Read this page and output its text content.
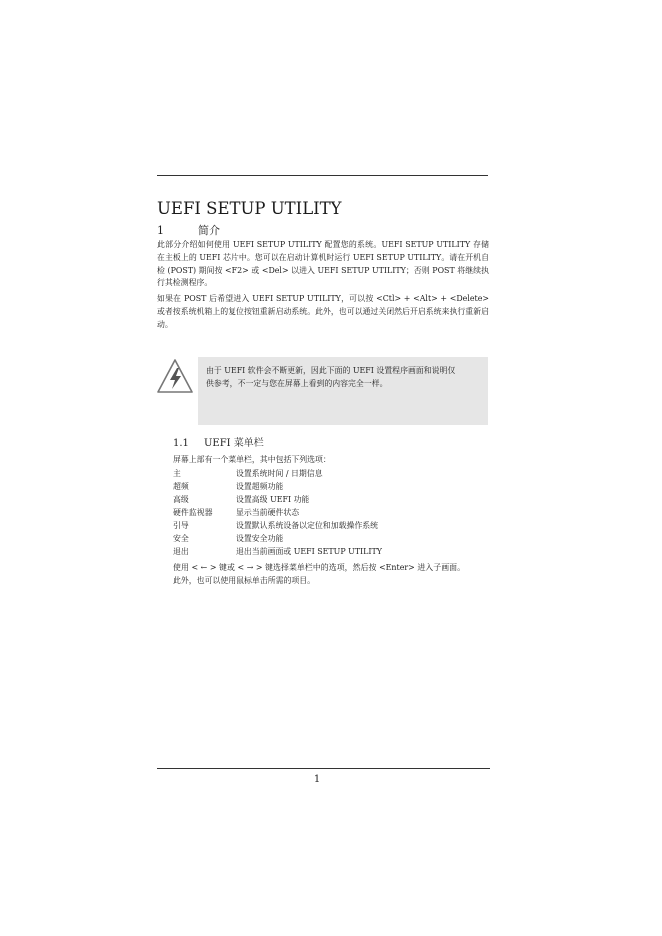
UEFI SETUP UTILITY
1	简介
此部分介绍如何使用 UEFI SETUP UTILITY 配置您的系统。UEFI SETUP UTILITY 存储在主板上的 UEFI 芯片中。您可以在启动计算机时运行 UEFI SETUP UTILITY。请在开机自检 (POST) 期间按 <F2> 或 <Del> 以进入 UEFI SETUP UTILITY；否则 POST 将继续执行其检测程序。
如果在 POST 后希望进入 UEFI SETUP UTILITY，可以按 <Ctl> + <Alt> + <Delete> 或者按系统机箱上的复位按钮重新启动系统。此外，也可以通过关闭然后开启系统来执行重新启动。
由于 UEFI 软件会不断更新，因此下面的 UEFI 设置程序画面和说明仅供参考，不一定与您在屏幕上看到的内容完全一样。
1.1 UEFI 菜单栏
屏幕上部有一个菜单栏，其中包括下列选项：
主	设置系统时间 / 日期信息
超频	设置超频功能
高级	设置高级 UEFI 功能
硬件监视器	显示当前硬件状态
引导	设置默认系统设备以定位和加载操作系统
安全	设置安全功能
退出	退出当前画面或 UEFI SETUP UTILITY
使用 < ← > 键或 < → > 键选择菜单栏中的选项，然后按 <Enter> 进入子画面。此外，也可以使用鼠标单击所需的项目。
1
